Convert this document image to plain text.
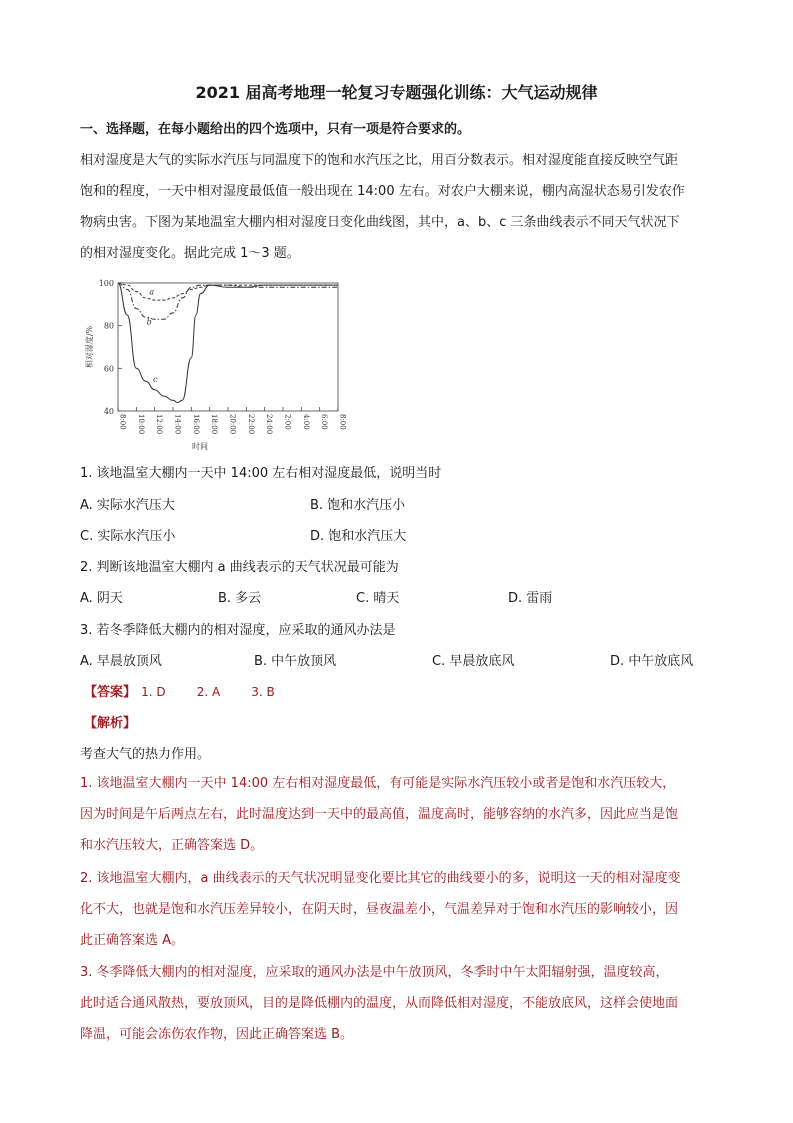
2021 届高考地理一轮复习专题强化训练：大气运动规律
一、选择题，在每小题给出的四个选项中，只有一项是符合要求的。
相对湿度是大气的实际水汽压与同温度下的饱和水汽压之比，用百分数表示。相对湿度能直接反映空气距
饱和的程度，一天中相对湿度最低值一般出现在 14:00 左右。对农户大棚来说，棚内高湿状态易引发农作
物病虫害。下图为某地温室大棚内相对湿度日变化曲线图，其中，a、b、c 三条曲线表示不同天气状况下
的相对湿度变化。据此完成 1～3 题。
100
80
60
40
8:00 10:00 12:00 14:00 16:00 18:00 20:00 22:00 24:00 2:00 4:00 6:00 8:00
时间
相对湿度/%
a
b
c
1. 该地温室大棚内一天中 14:00 左右相对湿度最低，说明当时
A. 实际水汽压大	B. 饱和水汽压小
C. 实际水汽压小	D. 饱和水汽压大
2. 判断该地温室大棚内 a 曲线表示的天气状况最可能为
A. 阴天	B. 多云	C. 晴天	D. 雷雨
3. 若冬季降低大棚内的相对湿度，应采取的通风办法是
A. 早晨放顶风	B. 中午放顶风	C. 早晨放底风	D. 中午放底风
【答案】 1. D	2. A	3. B
【解析】
考查大气的热力作用。
1. 该地温室大棚内一天中 14:00 左右相对湿度最低，有可能是实际水汽压较小或者是饱和水汽压较大，
因为时间是午后两点左右，此时温度达到一天中的最高值，温度高时，能够容纳的水汽多，因此应当是饱
和水汽压较大，正确答案选 D。
2. 该地温室大棚内，a 曲线表示的天气状况明显变化要比其它的曲线要小的多，说明这一天的相对湿度变
化不大，也就是饱和水汽压差异较小，在阴天时，昼夜温差小，气温差异对于饱和水汽压的影响较小，因
此正确答案选 A。
3. 冬季降低大棚内的相对湿度，应采取的通风办法是中午放顶风，冬季时中午太阳辐射强，温度较高，
此时适合通风散热，要放顶风，目的是降低棚内的温度，从而降低相对湿度，不能放底风，这样会使地面
降温，可能会冻伤农作物，因此正确答案选 B。
